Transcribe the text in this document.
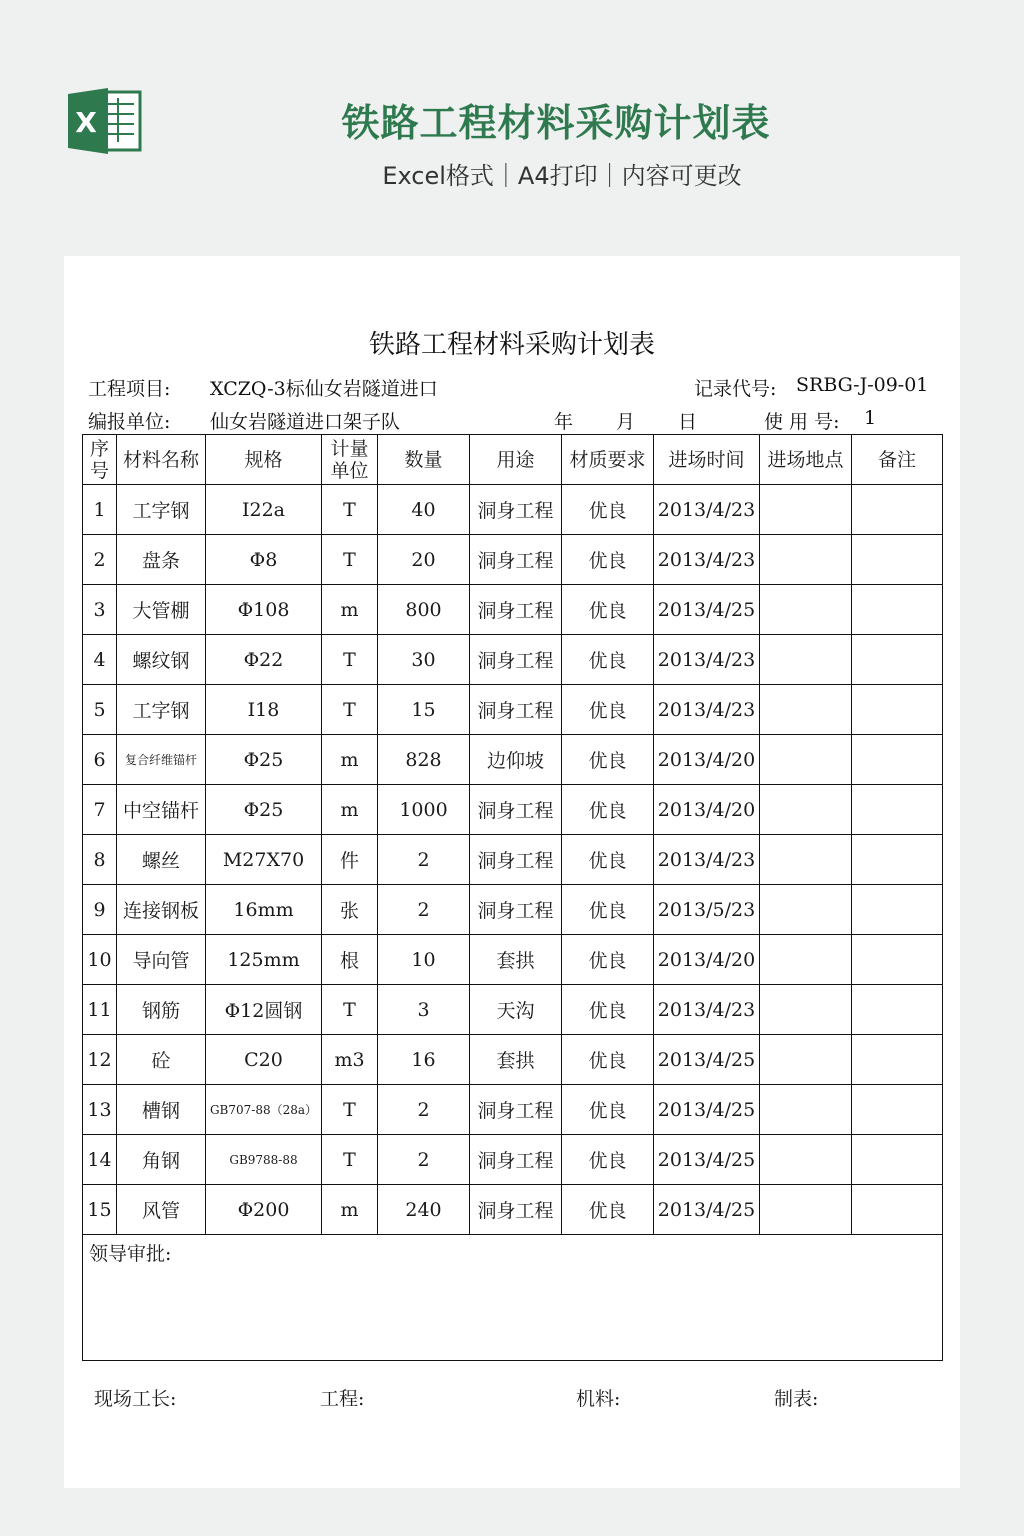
X	铁路工程材料采购计划表
Excel格式｜A4打印｜内容可更改
铁路工程材料采购计划表
工程项目: XCZQ-3标仙女岩隧道进口	记录代号: SRBG-J-09-01
编报单位: 仙女岩隧道进口架子队	年 月 日	使 用 号: 1
序号	材料名称	规格	计量单位	数量	用途	材质要求	进场时间	进场地点	备注
1	工字钢	I22a	T	40	洞身工程	优良	2013/4/23		
2	盘条	Φ8	T	20	洞身工程	优良	2013/4/23		
3	大管棚	Φ108	m	800	洞身工程	优良	2013/4/25		
4	螺纹钢	Φ22	T	30	洞身工程	优良	2013/4/23		
5	工字钢	I18	T	15	洞身工程	优良	2013/4/23		
6	复合纤维锚杆	Φ25	m	828	边仰坡	优良	2013/4/20		
7	中空锚杆	Φ25	m	1000	洞身工程	优良	2013/4/20		
8	螺丝	M27X70	件	2	洞身工程	优良	2013/4/23		
9	连接钢板	16mm	张	2	洞身工程	优良	2013/5/23		
10	导向管	125mm	根	10	套拱	优良	2013/4/20		
11	钢筋	Φ12圆钢	T	3	天沟	优良	2013/4/23		
12	砼	C20	m3	16	套拱	优良	2013/4/25		
13	槽钢	GB707-88（28a）	T	2	洞身工程	优良	2013/4/25		
14	角钢	GB9788-88	T	2	洞身工程	优良	2013/4/25		
15	风管	Φ200	m	240	洞身工程	优良	2013/4/25		
领导审批:									
现场工长:	工程:	机料:	制表:
